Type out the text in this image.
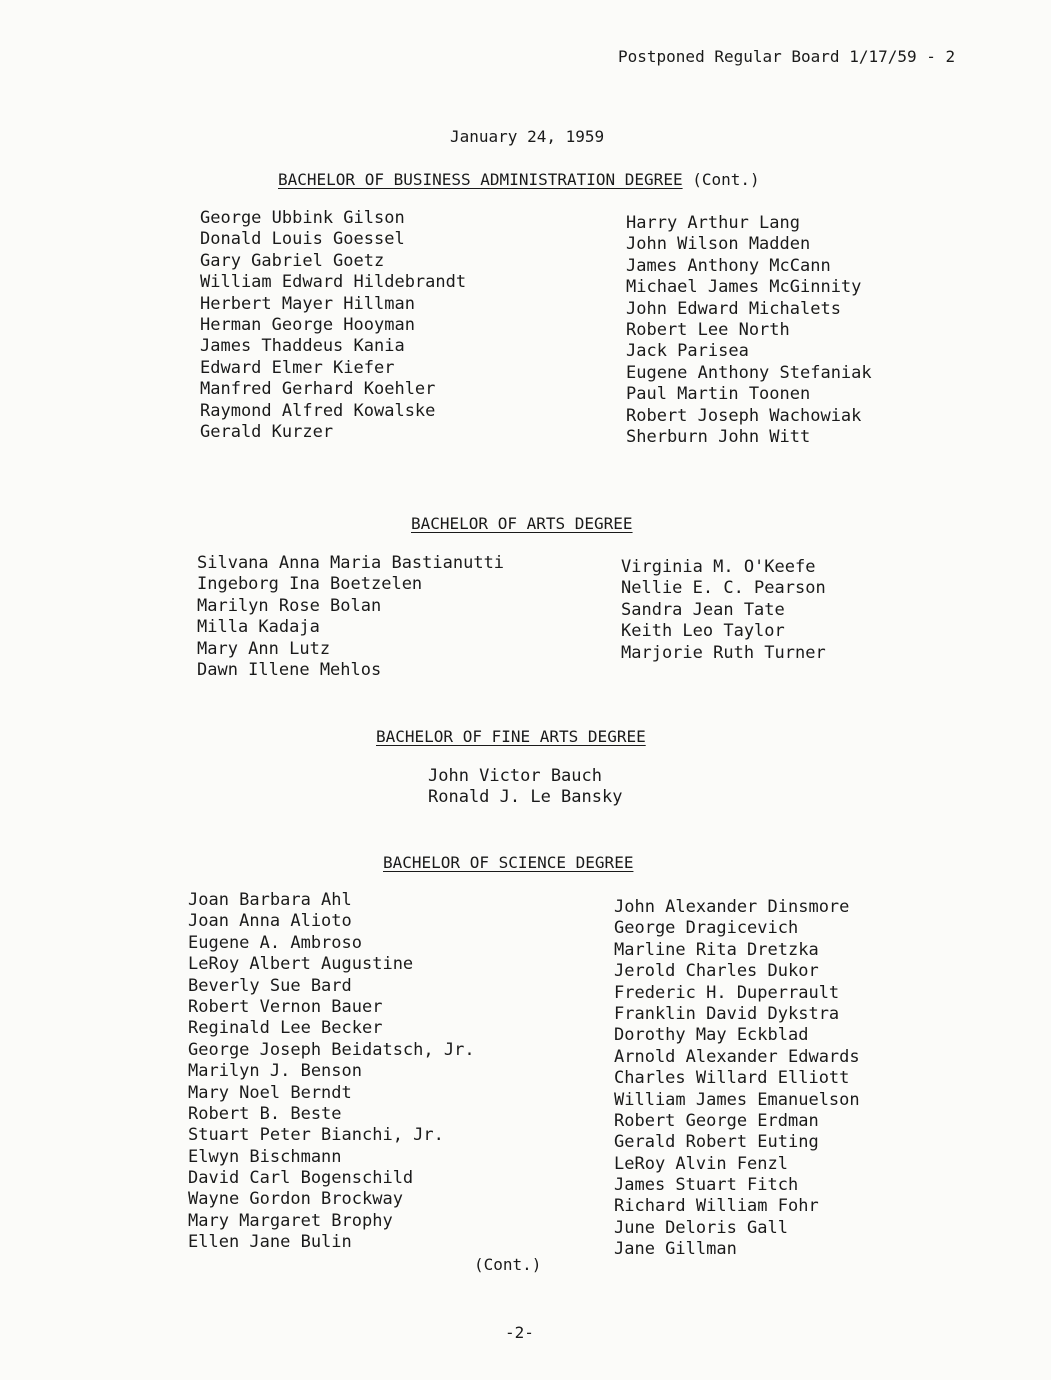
Postponed Regular Board 1/17/59 - 2
January 24, 1959
BACHELOR OF BUSINESS ADMINISTRATION DEGREE (Cont.)
George Ubbink Gilson
Donald Louis Goessel
Gary Gabriel Goetz
William Edward Hildebrandt
Herbert Mayer Hillman
Herman George Hooyman
James Thaddeus Kania
Edward Elmer Kiefer
Manfred Gerhard Koehler
Raymond Alfred Kowalske
Gerald Kurzer
Harry Arthur Lang
John Wilson Madden
James Anthony McCann
Michael James McGinnity
John Edward Michalets
Robert Lee North
Jack Parisea
Eugene Anthony Stefaniak
Paul Martin Toonen
Robert Joseph Wachowiak
Sherburn John Witt
BACHELOR OF ARTS DEGREE
Silvana Anna Maria Bastianutti
Ingeborg Ina Boetzelen
Marilyn Rose Bolan
Milla Kadaja
Mary Ann Lutz
Dawn Illene Mehlos
Virginia M. O'Keefe
Nellie E. C. Pearson
Sandra Jean Tate
Keith Leo Taylor
Marjorie Ruth Turner
BACHELOR OF FINE ARTS DEGREE
John Victor Bauch
Ronald J. Le Bansky
BACHELOR OF SCIENCE DEGREE
Joan Barbara Ahl
Joan Anna Alioto
Eugene A. Ambroso
LeRoy Albert Augustine
Beverly Sue Bard
Robert Vernon Bauer
Reginald Lee Becker
George Joseph Beidatsch, Jr.
Marilyn J. Benson
Mary Noel Berndt
Robert B. Beste
Stuart Peter Bianchi, Jr.
Elwyn Bischmann
David Carl Bogenschild
Wayne Gordon Brockway
Mary Margaret Brophy
Ellen Jane Bulin
John Alexander Dinsmore
George Dragicevich
Marline Rita Dretzka
Jerold Charles Dukor
Frederic H. Duperrault
Franklin David Dykstra
Dorothy May Eckblad
Arnold Alexander Edwards
Charles Willard Elliott
William James Emanuelson
Robert George Erdman
Gerald Robert Euting
LeRoy Alvin Fenzl
James Stuart Fitch
Richard William Fohr
June Deloris Gall
Jane Gillman
(Cont.)
-2-
